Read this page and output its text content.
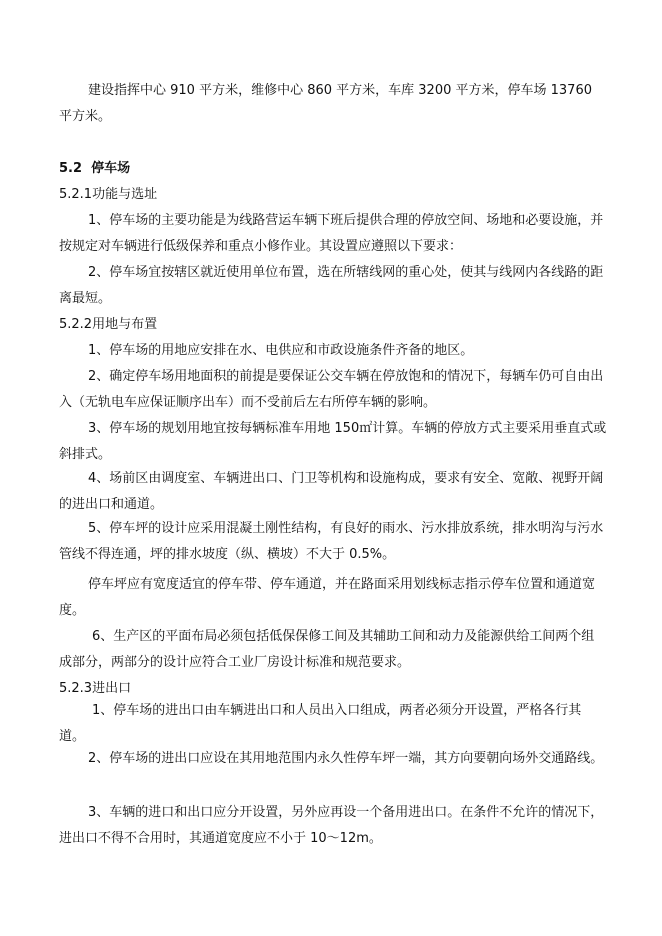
建设指挥中心 910 平方米，维修中心 860 平方米，车库 3200 平方米，停车场 13760 平方米。

5.2 停车场

5.2.1功能与选址

1、停车场的主要功能是为线路营运车辆下班后提供合理的停放空间、场地和必要设施，并按规定对车辆进行低级保养和重点小修作业。其设置应遵照以下要求：

2、停车场宜按辖区就近使用单位布置，选在所辖线网的重心处，使其与线网内各线路的距离最短。

5.2.2用地与布置

1、停车场的用地应安排在水、电供应和市政设施条件齐备的地区。

2、确定停车场用地面积的前提是要保证公交车辆在停放饱和的情况下，每辆车仍可自由出入（无轨电车应保证顺序出车）而不受前后左右所停车辆的影响。

3、停车场的规划用地宜按每辆标准车用地 150㎡计算。车辆的停放方式主要采用垂直式或斜排式。

4、场前区由调度室、车辆进出口、门卫等机构和设施构成，要求有安全、宽敞、视野开阔的进出口和通道。

5、停车坪的设计应采用混凝土刚性结构，有良好的雨水、污水排放系统，排水明沟与污水管线不得连通，坪的排水坡度（纵、横坡）不大于 0.5%。

停车坪应有宽度适宜的停车带、停车通道，并在路面采用划线标志指示停车位置和通道宽度。

6、生产区的平面布局必须包括低保保修工间及其辅助工间和动力及能源供给工间两个组成部分，两部分的设计应符合工业厂房设计标准和规范要求。

5.2.3进出口

1、停车场的进出口由车辆进出口和人员出入口组成，两者必须分开设置，严格各行其道。

2、停车场的进出口应设在其用地范围内永久性停车坪一端，其方向要朝向场外交通路线。

3、车辆的进口和出口应分开设置，另外应再设一个备用进出口。在条件不允许的情况下，进出口不得不合用时，其通道宽度应不小于 10～12m。
